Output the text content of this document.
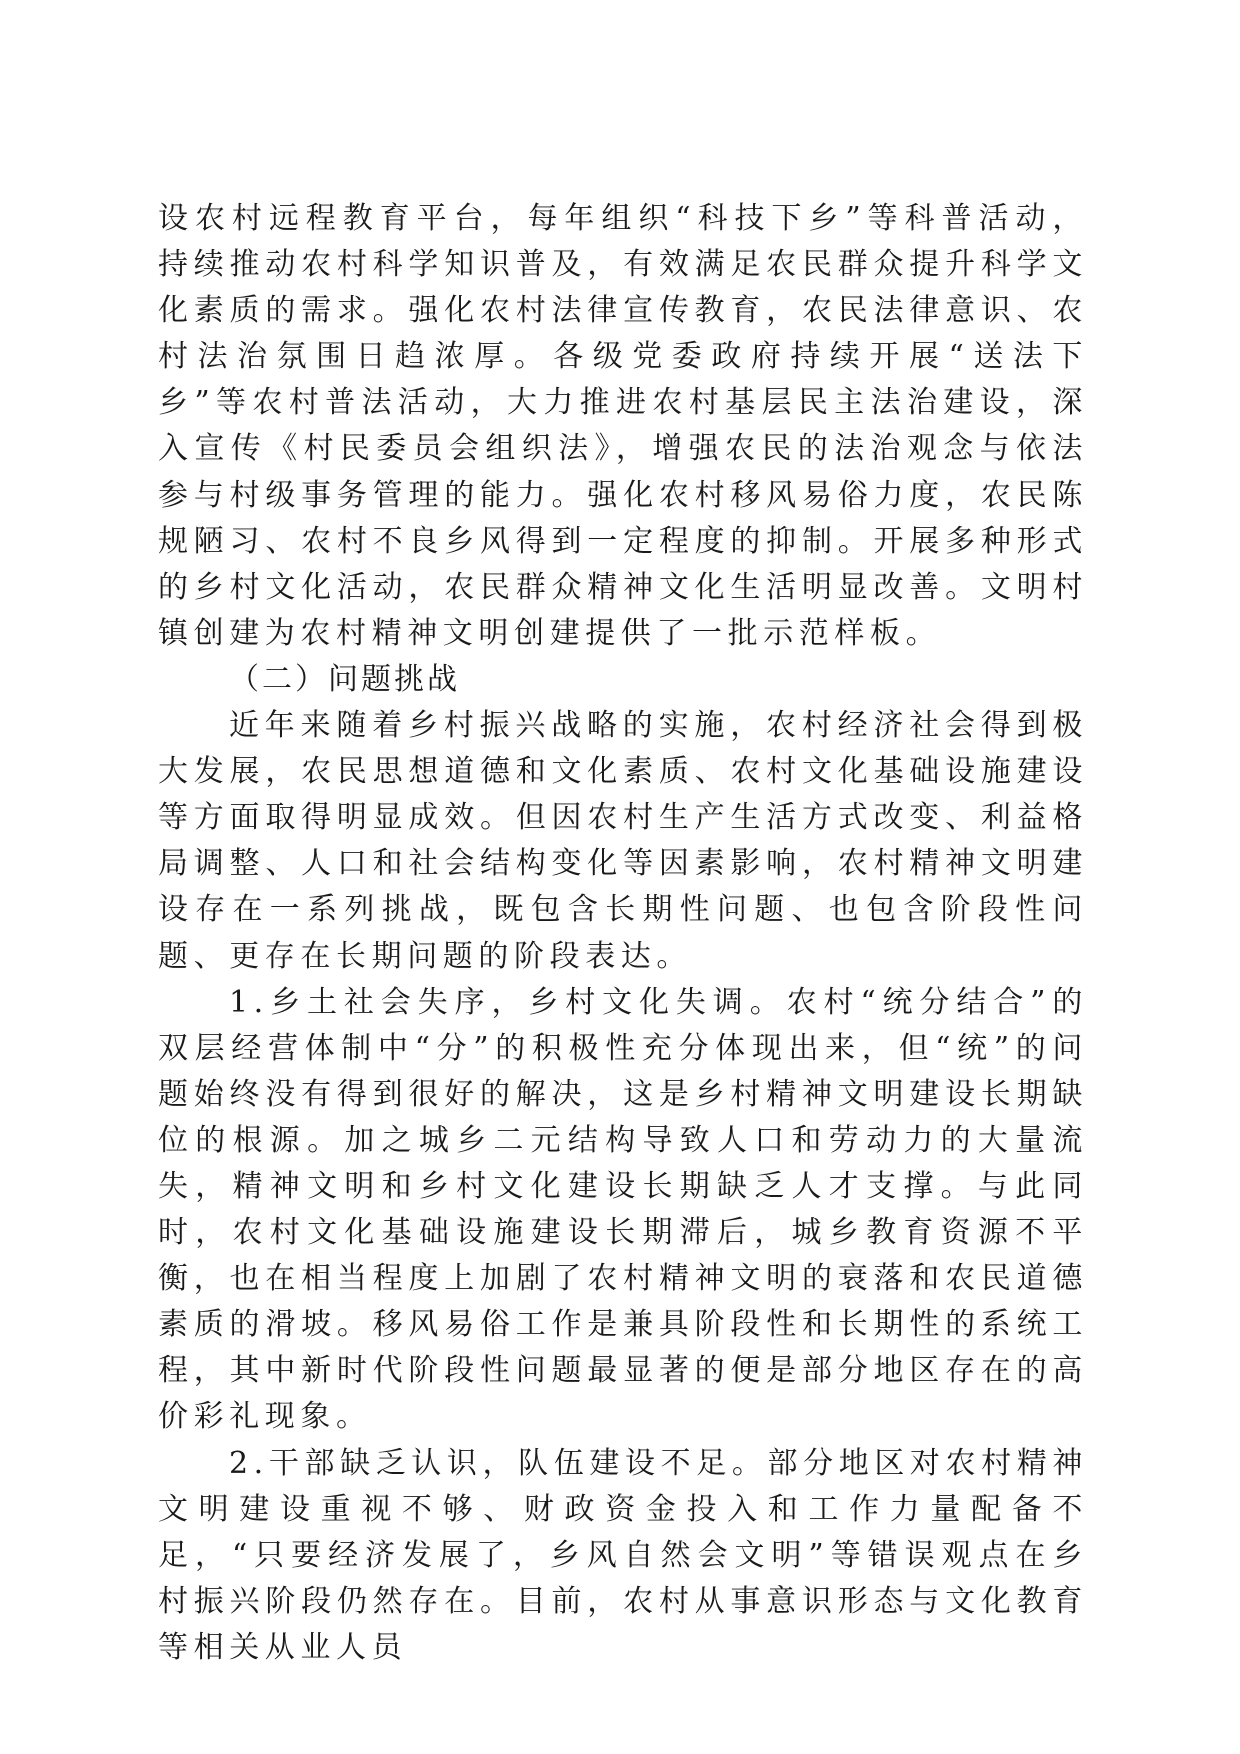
设农村远程教育平台，每年组织“科技下乡”等科普活动，持续推动农村科学知识普及，有效满足农民群众提升科学文化素质的需求。强化农村法律宣传教育，农民法律意识、农村法治氛围日趋浓厚。各级党委政府持续开展“送法下乡”等农村普法活动，大力推进农村基层民主法治建设，深入宣传《村民委员会组织法》，增强农民的法治观念与依法参与村级事务管理的能力。强化农村移风易俗力度，农民陈规陋习、农村不良乡风得到一定程度的抑制。开展多种形式的乡村文化活动，农民群众精神文化生活明显改善。文明村镇创建为农村精神文明创建提供了一批示范样板。

（二）问题挑战

近年来随着乡村振兴战略的实施，农村经济社会得到极大发展，农民思想道德和文化素质、农村文化基础设施建设等方面取得明显成效。但因农村生产生活方式改变、利益格局调整、人口和社会结构变化等因素影响，农村精神文明建设存在一系列挑战，既包含长期性问题、也包含阶段性问题、更存在长期问题的阶段表达。

1.乡土社会失序，乡村文化失调。农村“统分结合”的双层经营体制中“分”的积极性充分体现出来，但“统”的问题始终没有得到很好的解决，这是乡村精神文明建设长期缺位的根源。加之城乡二元结构导致人口和劳动力的大量流失，精神文明和乡村文化建设长期缺乏人才支撑。与此同时，农村文化基础设施建设长期滞后，城乡教育资源不平衡，也在相当程度上加剧了农村精神文明的衰落和农民道德素质的滑坡。移风易俗工作是兼具阶段性和长期性的系统工程，其中新时代阶段性问题最显著的便是部分地区存在的高价彩礼现象。

2.干部缺乏认识，队伍建设不足。部分地区对农村精神文明建设重视不够、财政资金投入和工作力量配备不足，“只要经济发展了，乡风自然会文明”等错误观点在乡村振兴阶段仍然存在。目前，农村从事意识形态与文化教育等相关从业人员
